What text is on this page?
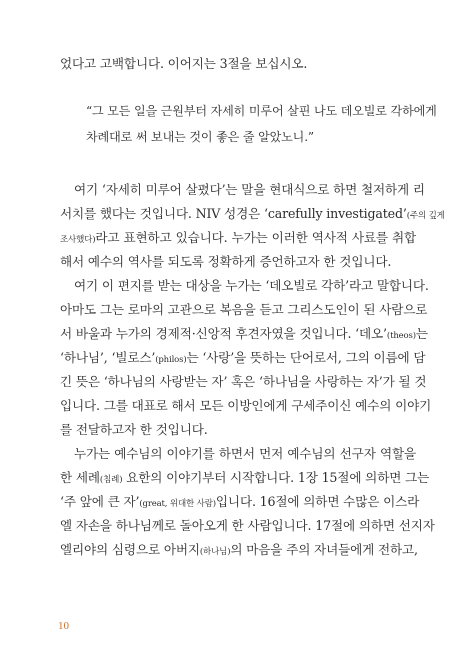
었다고 고백합니다. 이어지는 3절을 보십시오.
“그 모든 일을 근원부터 자세히 미루어 살핀 나도 데오빌로 각하에게
차례대로 써 보내는 것이 좋은 줄 알았노니.”
여기 ‘자세히 미루어 살폈다’는 말을 현대식으로 하면 철저하게 리
서치를 했다는 것입니다. NIV 성경은 ‘carefully investigated’(주의 깊게
조사했다)라고 표현하고 있습니다. 누가는 이러한 역사적 사료를 취합
해서 예수의 역사를 되도록 정확하게 증언하고자 한 것입니다.
여기 이 편지를 받는 대상을 누가는 ‘데오빌로 각하’라고 말합니다.
아마도 그는 로마의 고관으로 복음을 듣고 그리스도인이 된 사람으로
서 바울과 누가의 경제적·신앙적 후견자였을 것입니다. ‘데오’(theos)는
‘하나님’, ‘빌로스’(philos)는 ‘사랑’을 뜻하는 단어로서, 그의 이름에 담
긴 뜻은 ‘하나님의 사랑받는 자’ 혹은 ‘하나님을 사랑하는 자’가 될 것
입니다. 그를 대표로 해서 모든 이방인에게 구세주이신 예수의 이야기
를 전달하고자 한 것입니다.
누가는 예수님의 이야기를 하면서 먼저 예수님의 선구자 역할을
한 세례(침례) 요한의 이야기부터 시작합니다. 1장 15절에 의하면 그는
‘주 앞에 큰 자’(great, 위대한 사람)입니다. 16절에 의하면 수많은 이스라
엘 자손을 하나님께로 돌아오게 한 사람입니다. 17절에 의하면 선지자
엘리야의 심령으로 아버지(하나님)의 마음을 주의 자녀들에게 전하고,
10
